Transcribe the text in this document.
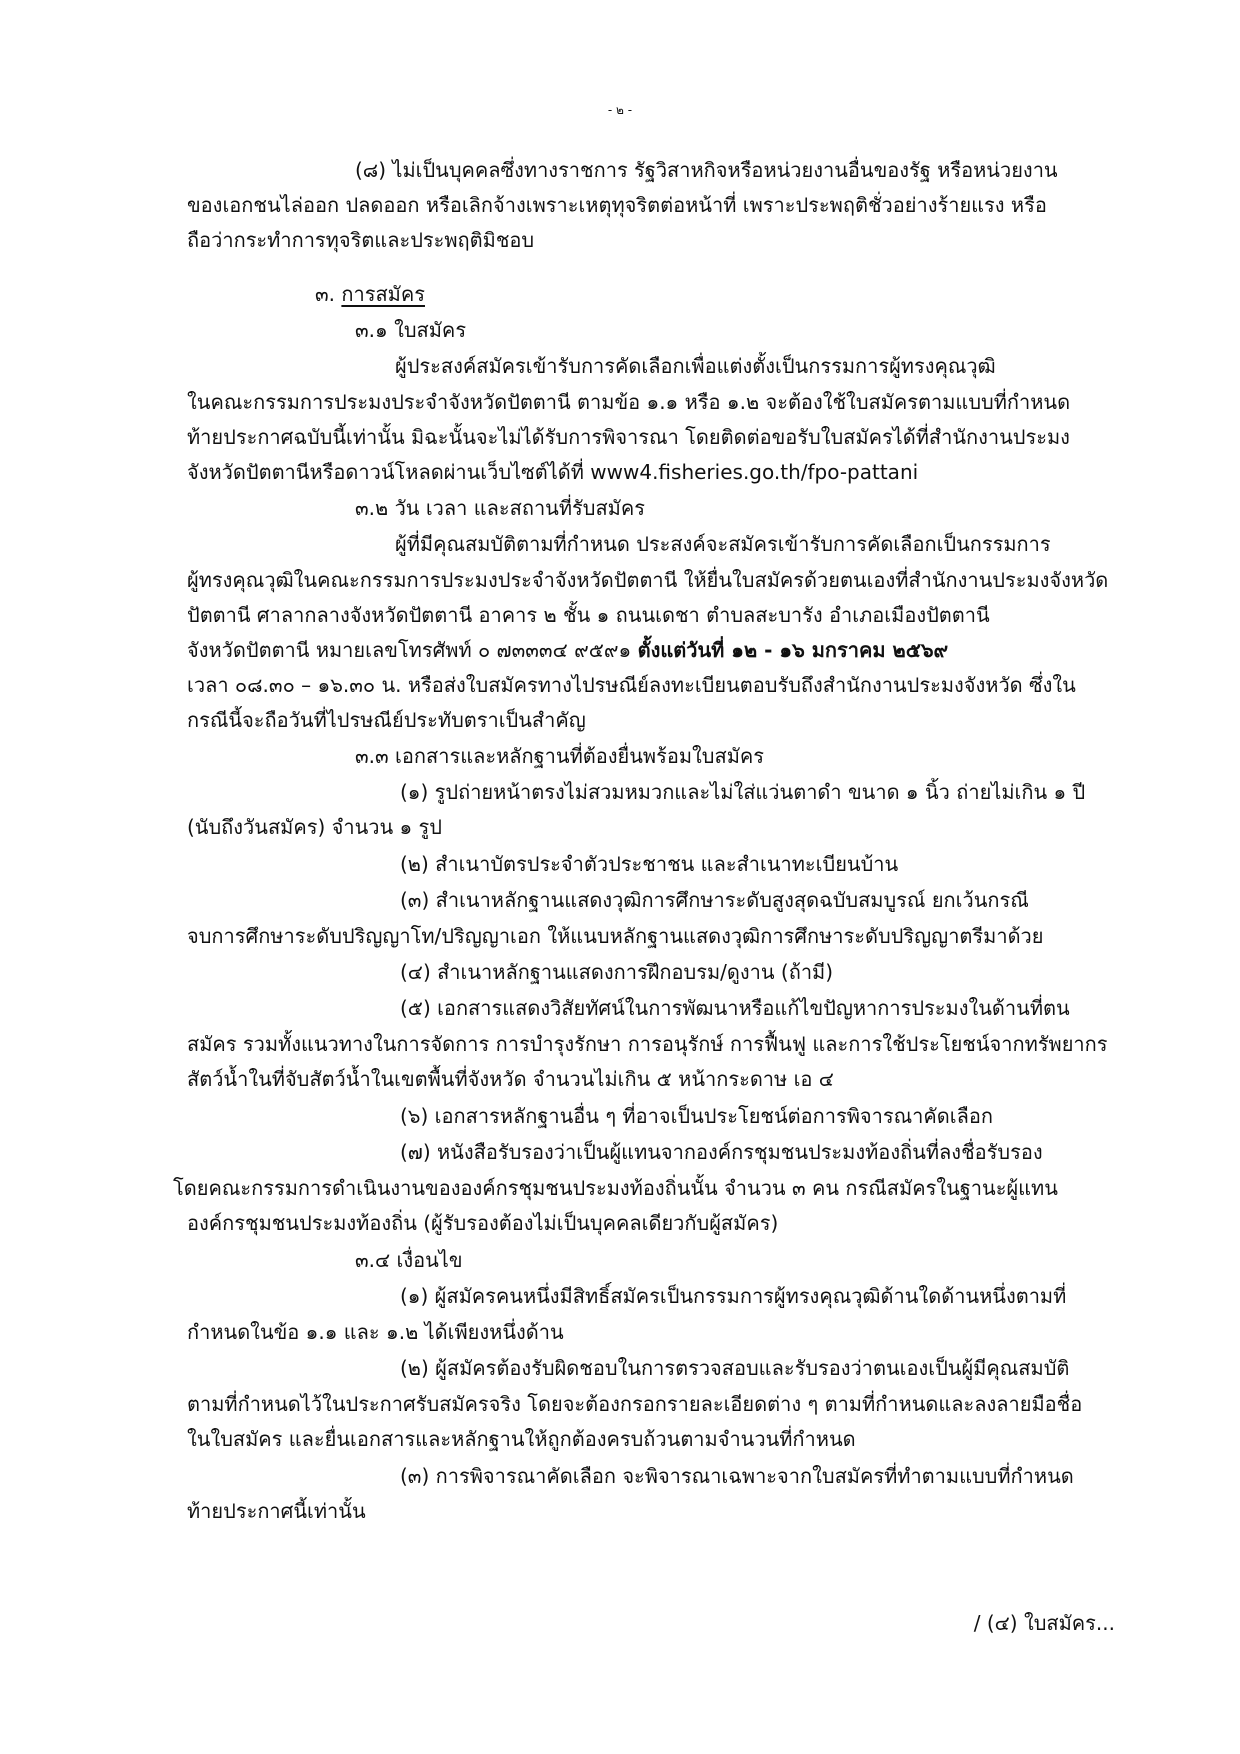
- ๒ -
(๘) ไม่เป็นบุคคลซึ่งทางราชการ รัฐวิสาหกิจหรือหน่วยงานอื่นของรัฐ หรือหน่วยงาน
ของเอกชนไล่ออก ปลดออก หรือเลิกจ้างเพราะเหตุทุจริตต่อหน้าที่ เพราะประพฤติชั่วอย่างร้ายแรง หรือ
ถือว่ากระทำการทุจริตและประพฤติมิชอบ
๓. การสมัคร
๓.๑ ใบสมัคร
ผู้ประสงค์สมัครเข้ารับการคัดเลือกเพื่อแต่งตั้งเป็นกรรมการผู้ทรงคุณวุฒิ
ในคณะกรรมการประมงประจำจังหวัดปัตตานี ตามข้อ ๑.๑ หรือ ๑.๒ จะต้องใช้ใบสมัครตามแบบที่กำหนด
ท้ายประกาศฉบับนี้เท่านั้น มิฉะนั้นจะไม่ได้รับการพิจารณา โดยติดต่อขอรับใบสมัครได้ที่สำนักงานประมง
จังหวัดปัตตานีหรือดาวน์โหลดผ่านเว็บไซต์ได้ที่ www4.fisheries.go.th/fpo-pattani
๓.๒ วัน เวลา และสถานที่รับสมัคร
ผู้ที่มีคุณสมบัติตามที่กำหนด ประสงค์จะสมัครเข้ารับการคัดเลือกเป็นกรรมการ
ผู้ทรงคุณวุฒิในคณะกรรมการประมงประจำจังหวัดปัตตานี ให้ยื่นใบสมัครด้วยตนเองที่สำนักงานประมงจังหวัด
ปัตตานี ศาลากลางจังหวัดปัตตานี อาคาร ๒ ชั้น ๑ ถนนเดชา ตำบลสะบารัง อำเภอเมืองปัตตานี
จังหวัดปัตตานี หมายเลขโทรศัพท์ ๐ ๗๓๓๓๔ ๙๕๙๑ ตั้งแต่วันที่ ๑๒ - ๑๖ มกราคม ๒๕๖๙
เวลา ๐๘.๓๐ – ๑๖.๓๐ น. หรือส่งใบสมัครทางไปรษณีย์ลงทะเบียนตอบรับถึงสำนักงานประมงจังหวัด ซึ่งใน
กรณีนี้จะถือวันที่ไปรษณีย์ประทับตราเป็นสำคัญ
๓.๓ เอกสารและหลักฐานที่ต้องยื่นพร้อมใบสมัคร
(๑) รูปถ่ายหน้าตรงไม่สวมหมวกและไม่ใส่แว่นตาดำ ขนาด ๑ นิ้ว ถ่ายไม่เกิน ๑ ปี
(นับถึงวันสมัคร) จำนวน ๑ รูป
(๒) สำเนาบัตรประจำตัวประชาชน และสำเนาทะเบียนบ้าน
(๓) สำเนาหลักฐานแสดงวุฒิการศึกษาระดับสูงสุดฉบับสมบูรณ์ ยกเว้นกรณี
จบการศึกษาระดับปริญญาโท/ปริญญาเอก ให้แนบหลักฐานแสดงวุฒิการศึกษาระดับปริญญาตรีมาด้วย
(๔) สำเนาหลักฐานแสดงการฝึกอบรม/ดูงาน (ถ้ามี)
(๕) เอกสารแสดงวิสัยทัศน์ในการพัฒนาหรือแก้ไขปัญหาการประมงในด้านที่ตน
สมัคร รวมทั้งแนวทางในการจัดการ การบำรุงรักษา การอนุรักษ์ การฟื้นฟู และการใช้ประโยชน์จากทรัพยากร
สัตว์น้ำในที่จับสัตว์น้ำในเขตพื้นที่จังหวัด จำนวนไม่เกิน ๕ หน้ากระดาษ เอ ๔
(๖) เอกสารหลักฐานอื่น ๆ ที่อาจเป็นประโยชน์ต่อการพิจารณาคัดเลือก
(๗) หนังสือรับรองว่าเป็นผู้แทนจากองค์กรชุมชนประมงท้องถิ่นที่ลงชื่อรับรอง
โดยคณะกรรมการดำเนินงานขององค์กรชุมชนประมงท้องถิ่นนั้น จำนวน ๓ คน กรณีสมัครในฐานะผู้แทน
องค์กรชุมชนประมงท้องถิ่น (ผู้รับรองต้องไม่เป็นบุคคลเดียวกับผู้สมัคร)
๓.๔ เงื่อนไข
(๑) ผู้สมัครคนหนึ่งมีสิทธิ์สมัครเป็นกรรมการผู้ทรงคุณวุฒิด้านใดด้านหนึ่งตามที่
กำหนดในข้อ ๑.๑ และ ๑.๒ ได้เพียงหนึ่งด้าน
(๒) ผู้สมัครต้องรับผิดชอบในการตรวจสอบและรับรองว่าตนเองเป็นผู้มีคุณสมบัติ
ตามที่กำหนดไว้ในประกาศรับสมัครจริง โดยจะต้องกรอกรายละเอียดต่าง ๆ ตามที่กำหนดและลงลายมือชื่อ
ในใบสมัคร และยื่นเอกสารและหลักฐานให้ถูกต้องครบถ้วนตามจำนวนที่กำหนด
(๓) การพิจารณาคัดเลือก จะพิจารณาเฉพาะจากใบสมัครที่ทำตามแบบที่กำหนด
ท้ายประกาศนี้เท่านั้น
/ (๔) ใบสมัคร...
